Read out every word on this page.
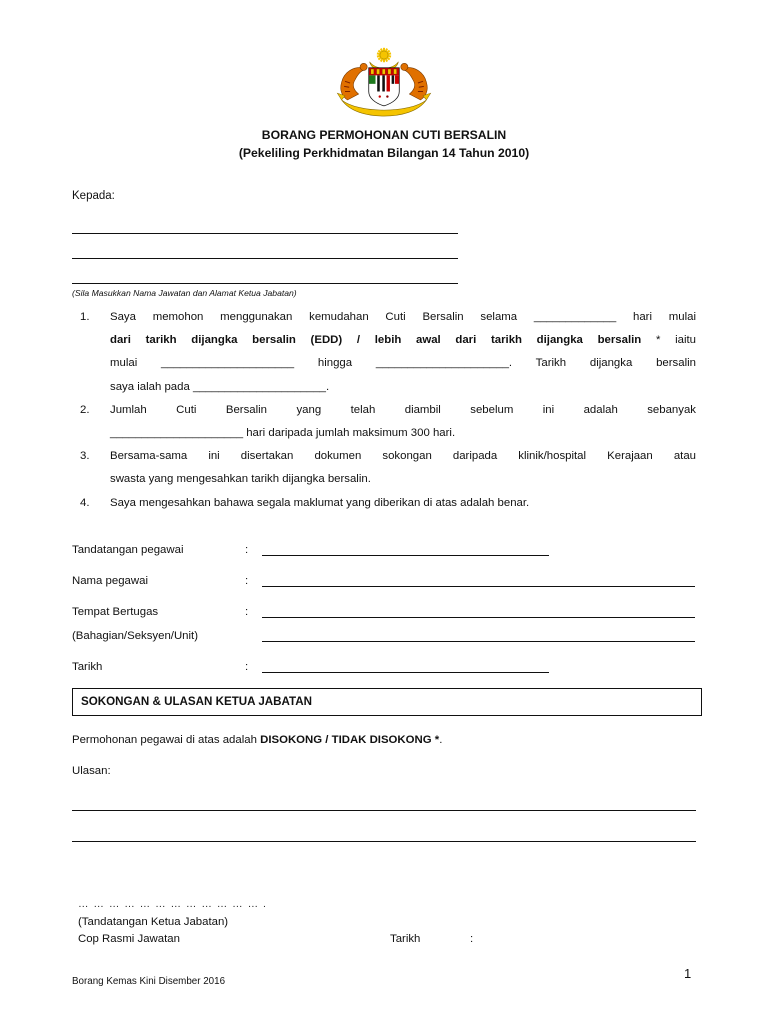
BORANG PERMOHONAN CUTI BERSALIN
(Pekeliling Perkhidmatan Bilangan 14 Tahun 2010)
Kepada:
(Sila Masukkan Nama Jawatan dan Alamat Ketua Jabatan)
1. Saya memohon menggunakan kemudahan Cuti Bersalin selama _____________ hari mulai
dari tarikh dijangka bersalin (EDD) / lebih awal dari tarikh dijangka bersalin * iaitu
mulai _____________________ hingga _____________________. Tarikh dijangka bersalin
saya ialah pada _____________________.
2. Jumlah Cuti Bersalin yang telah diambil sebelum ini adalah sebanyak
_____________________ hari daripada jumlah maksimum 300 hari.
3. Bersama-sama ini disertakan dokumen sokongan daripada klinik/hospital Kerajaan atau
swasta yang mengesahkan tarikh dijangka bersalin.
4. Saya mengesahkan bahawa segala maklumat yang diberikan di atas adalah benar.
Tandatangan pegawai	:
Nama pegawai	:
Tempat Bertugas	:
(Bahagian/Seksyen/Unit)
Tarikh	:
SOKONGAN & ULASAN KETUA JABATAN
Permohonan pegawai di atas adalah DISOKONG / TIDAK DISOKONG *.
Ulasan:
… … … … … … … … … … … … .
(Tandatangan Ketua Jabatan)
Cop Rasmi Jawatan	Tarikh	:
Borang Kemas Kini Disember 2016
1
